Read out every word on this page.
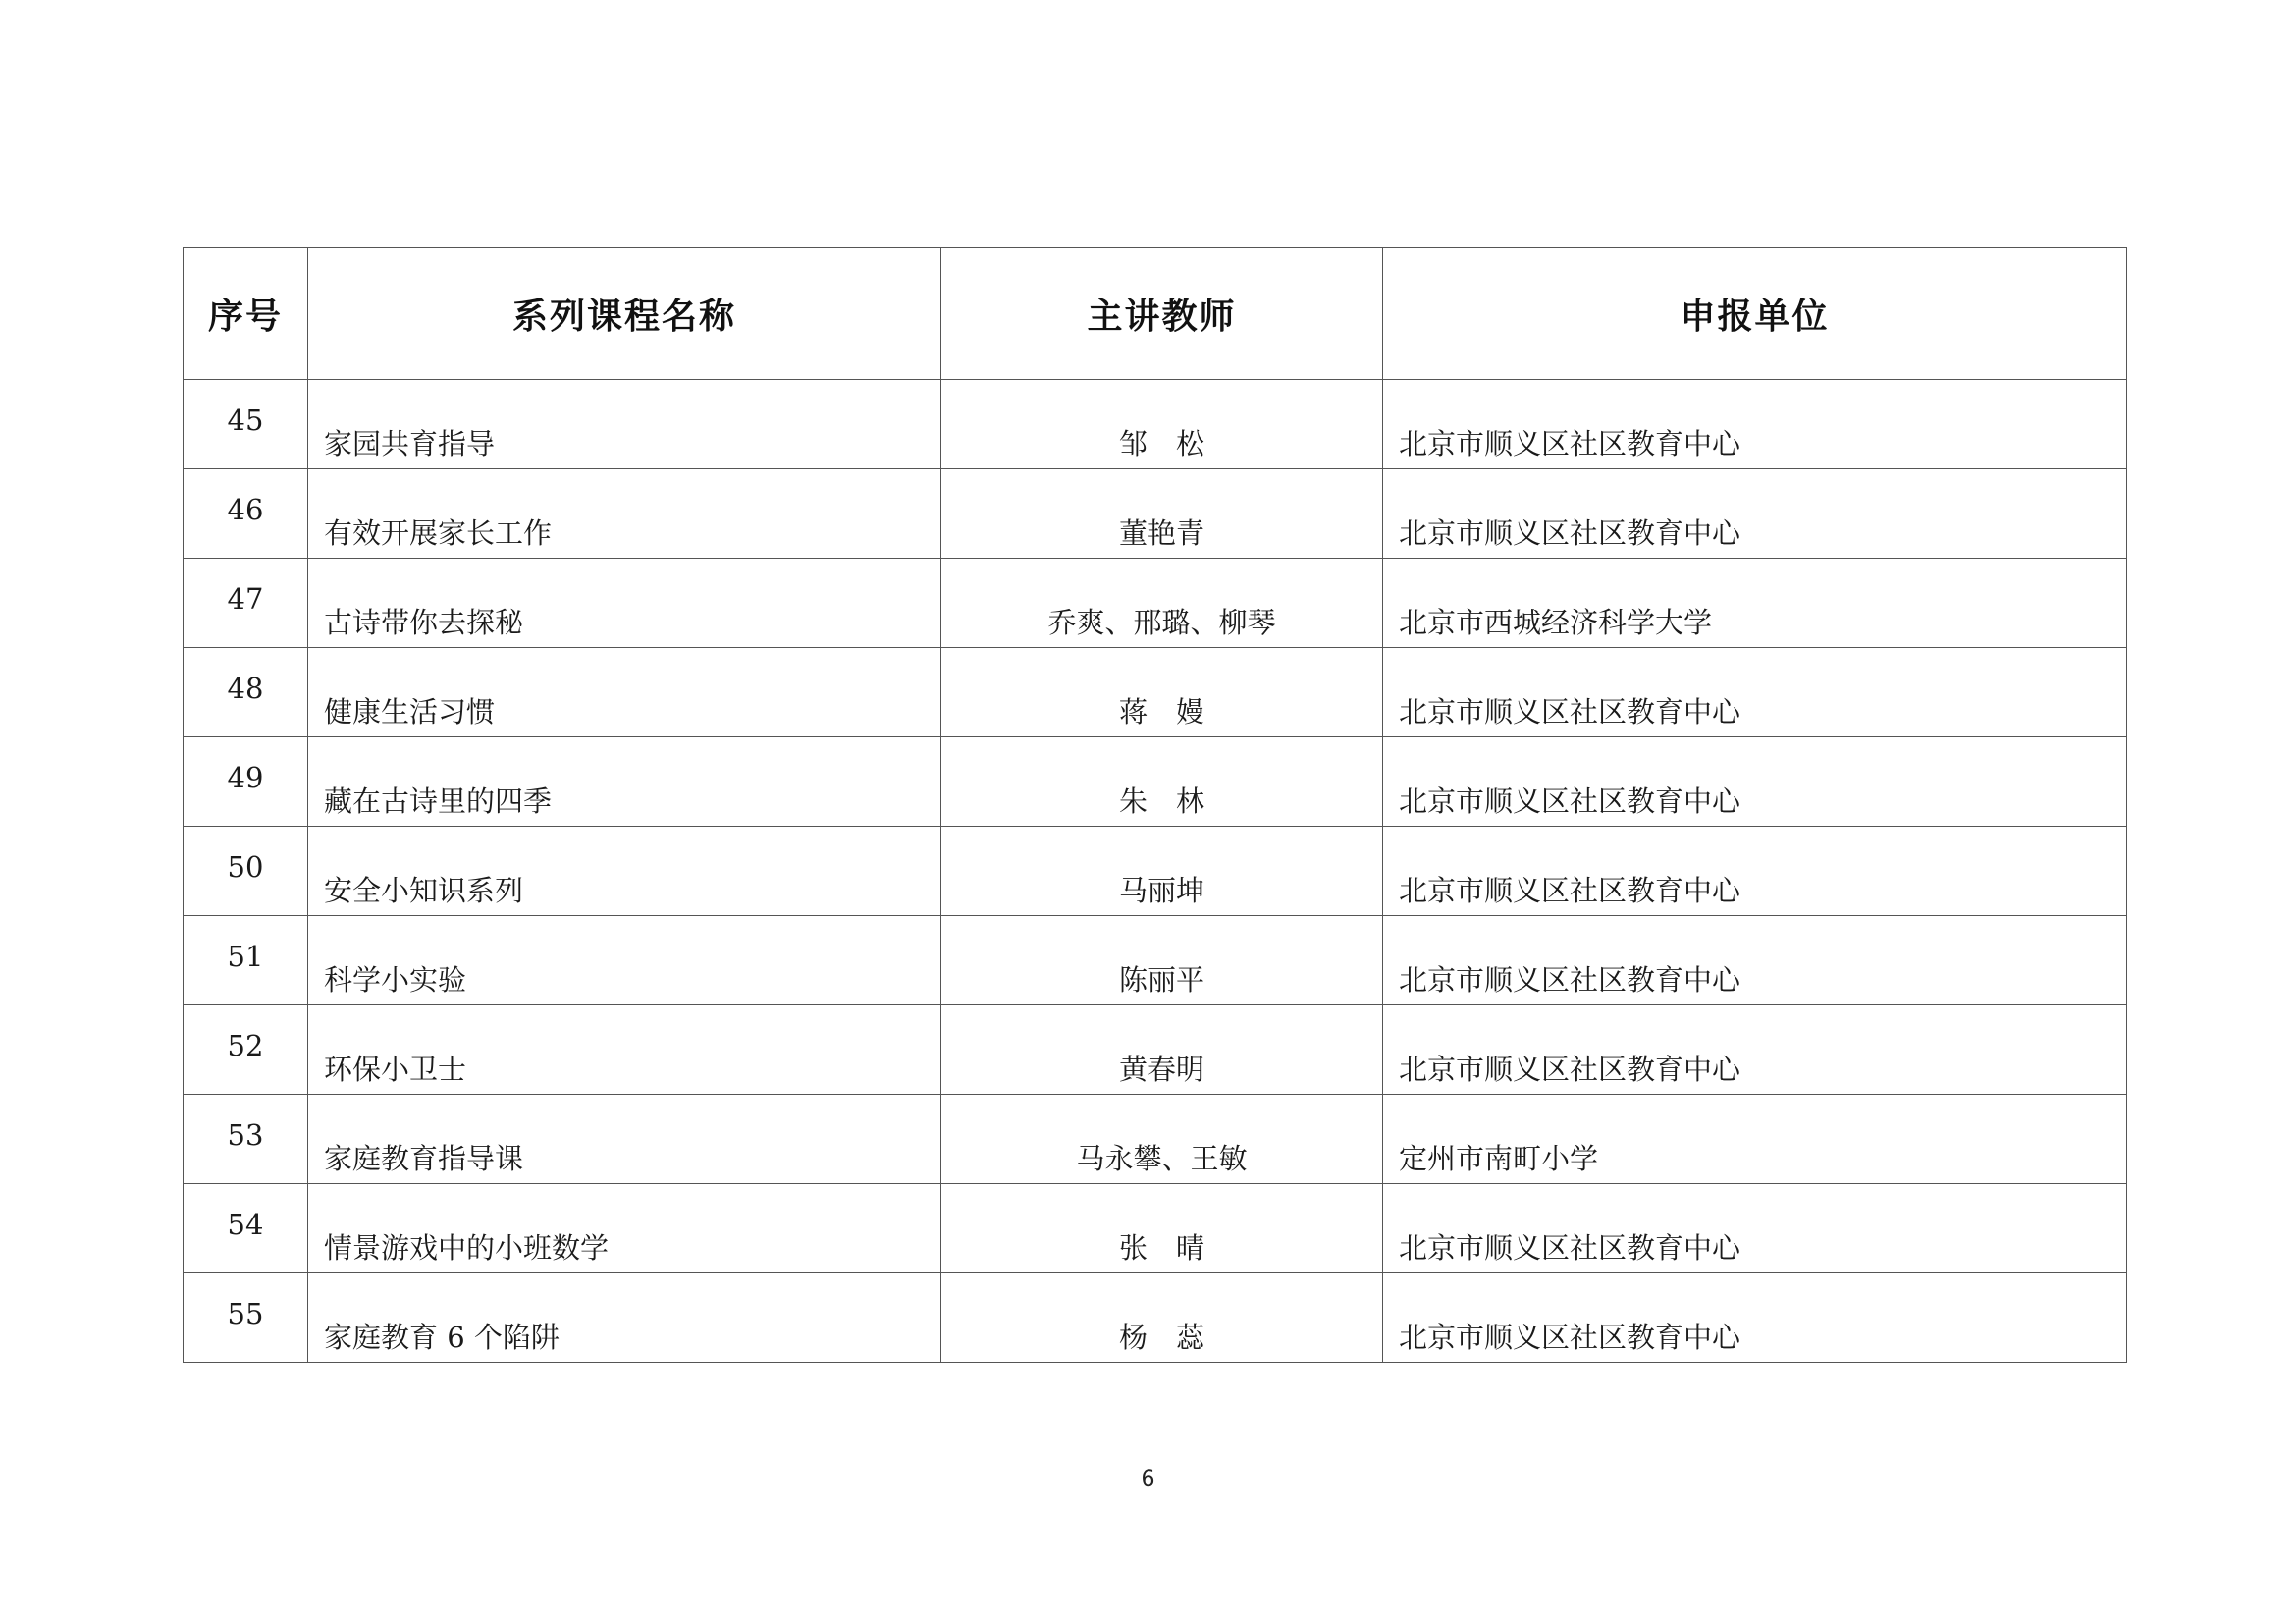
序号	系列课程名称	主讲教师	申报单位
45	家园共育指导	邹　松	北京市顺义区社区教育中心
46	有效开展家长工作	董艳青	北京市顺义区社区教育中心
47	古诗带你去探秘	乔爽、邢璐、柳琴	北京市西城经济科学大学
48	健康生活习惯	蒋　嫚	北京市顺义区社区教育中心
49	藏在古诗里的四季	朱　林	北京市顺义区社区教育中心
50	安全小知识系列	马丽坤	北京市顺义区社区教育中心
51	科学小实验	陈丽平	北京市顺义区社区教育中心
52	环保小卫士	黄春明	北京市顺义区社区教育中心
53	家庭教育指导课	马永攀、王敏	定州市南町小学
54	情景游戏中的小班数学	张　晴	北京市顺义区社区教育中心
55	家庭教育 6 个陷阱	杨　蕊	北京市顺义区社区教育中心
6
